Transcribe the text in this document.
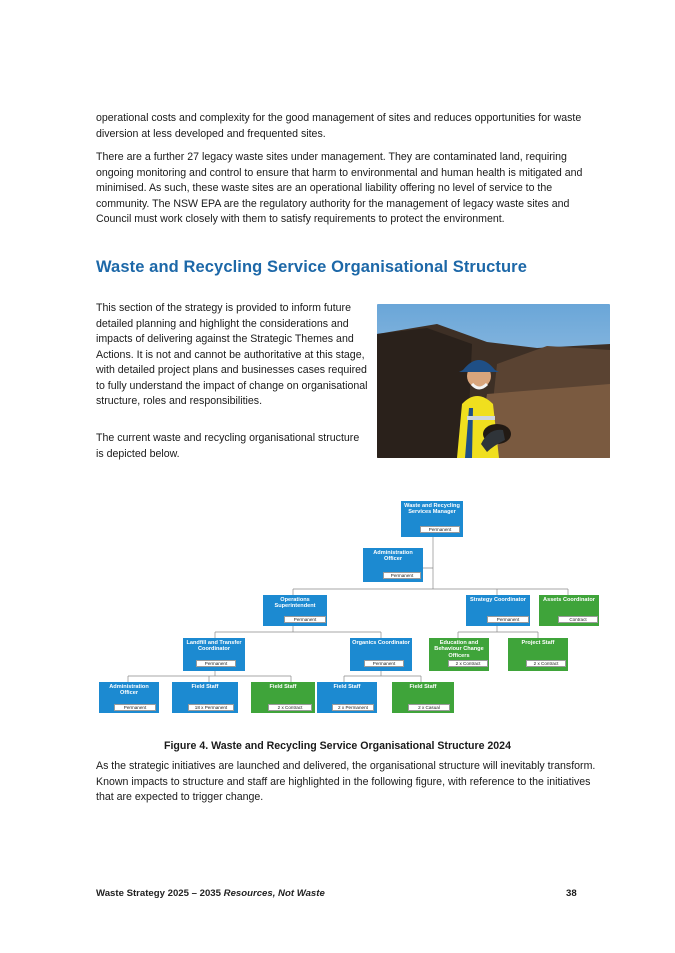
operational costs and complexity for the good management of sites and reduces opportunities for waste diversion at less developed and frequented sites.

There are a further 27 legacy waste sites under management. They are contaminated land, requiring ongoing monitoring and control to ensure that harm to environmental and human health is mitigated and minimised. As such, these waste sites are an operational liability offering no level of service to the community. The NSW EPA are the regulatory authority for the management of legacy waste sites and Council must work closely with them to satisfy requirements to protect the environment.

Waste and Recycling Service Organisational Structure

This section of the strategy is provided to inform future detailed planning and highlight the considerations and impacts of delivering against the Strategic Themes and Actions. It is not and cannot be authoritative at this stage, with detailed project plans and businesses cases required to fully understand the impact of change on organisational structure, roles and responsibilities.

The current waste and recycling organisational structure is depicted below.

Waste and Recycling Services Manager
Permanent
Administration Officer
Permanent
Operations Superintendent
Permanent
Strategy Coordinator
Permanent
Assets Coordinator
Contract
Landfill and Transfer Coordinator
Permanent
Organics Coordinator
Permanent
Education and Behaviour Change Officers
2 x Contract
Project Staff
2 x Contract
Administration Officer
Permanent
Field Staff
18 x Permanent
Field Staff
2 x Contract
Field Staff
2 x Permanent
Field Staff
2 x Casual

Figure 4. Waste and Recycling Service Organisational Structure 2024

As the strategic initiatives are launched and delivered, the organisational structure will inevitably transform. Known impacts to structure and staff are highlighted in the following figure, with reference to the initiatives that are expected to trigger change.

Waste Strategy 2025 – 2035 Resources, Not Waste	38
